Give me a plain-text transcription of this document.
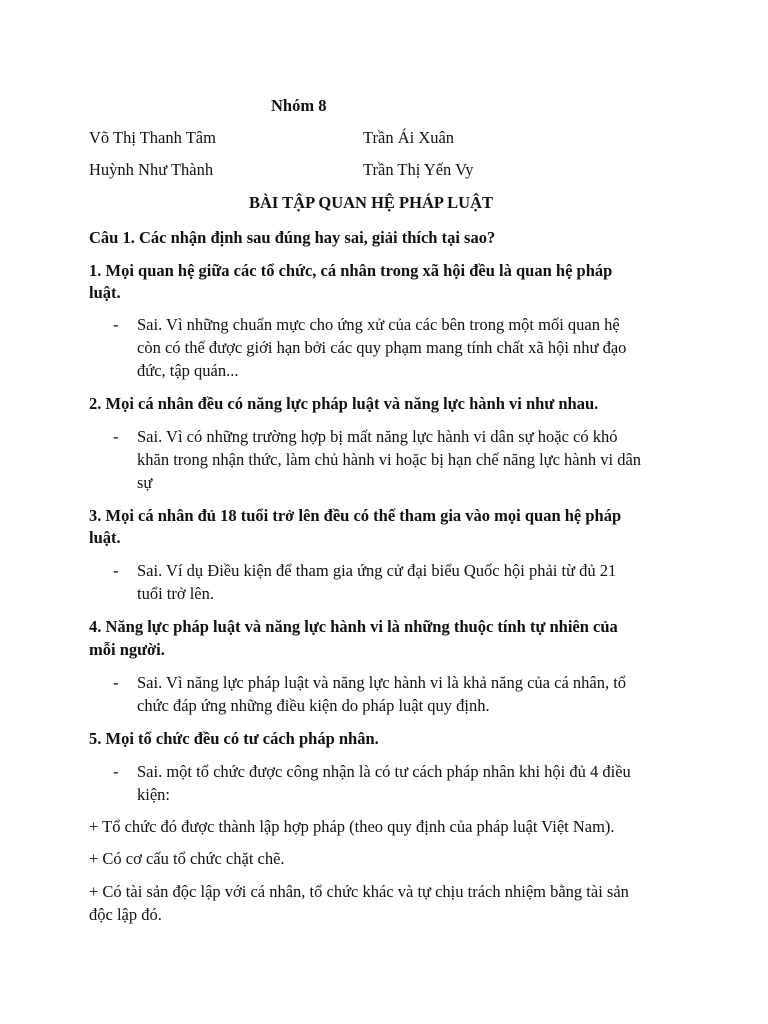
Nhóm 8
Võ Thị Thanh Tâm	Trần Ái Xuân
Huỳnh Như Thành	Trần Thị Yến Vy
BÀI TẬP QUAN HỆ PHÁP LUẬT
Câu 1. Các nhận định sau đúng hay sai, giải thích tại sao?
1. Mọi quan hệ giữa các tổ chức, cá nhân trong xã hội đều là quan hệ pháp
luật.
- Sai. Vì những chuẩn mực cho ứng xử của các bên trong một mối quan hệ
còn có thể được giới hạn bởi các quy phạm mang tính chất xã hội như đạo
đức, tập quán...
2. Mọi cá nhân đều có năng lực pháp luật và năng lực hành vi như nhau.
- Sai. Vì có những trường hợp bị mất năng lực hành vi dân sự hoặc có khó
khăn trong nhận thức, làm chủ hành vi hoặc bị hạn chế năng lực hành vi dân
sự
3. Mọi cá nhân đủ 18 tuổi trở lên đều có thể tham gia vào mọi quan hệ pháp
luật.
- Sai. Ví dụ Điều kiện để tham gia ứng cử đại biểu Quốc hội phải từ đủ 21
tuổi trở lên.
4. Năng lực pháp luật và năng lực hành vi là những thuộc tính tự nhiên của
mỗi người.
- Sai. Vì năng lực pháp luật và năng lực hành vi là khả năng của cá nhân, tổ
chức đáp ứng những điều kiện do pháp luật quy định.
5. Mọi tổ chức đều có tư cách pháp nhân.
- Sai. một tổ chức được công nhận là có tư cách pháp nhân khi hội đủ 4 điều
kiện:
+ Tổ chức đó được thành lập hợp pháp (theo quy định của pháp luật Việt Nam).
+ Có cơ cấu tổ chức chặt chẽ.
+ Có tài sản độc lập với cá nhân, tổ chức khác và tự chịu trách nhiệm bằng tài sản
độc lập đó.
